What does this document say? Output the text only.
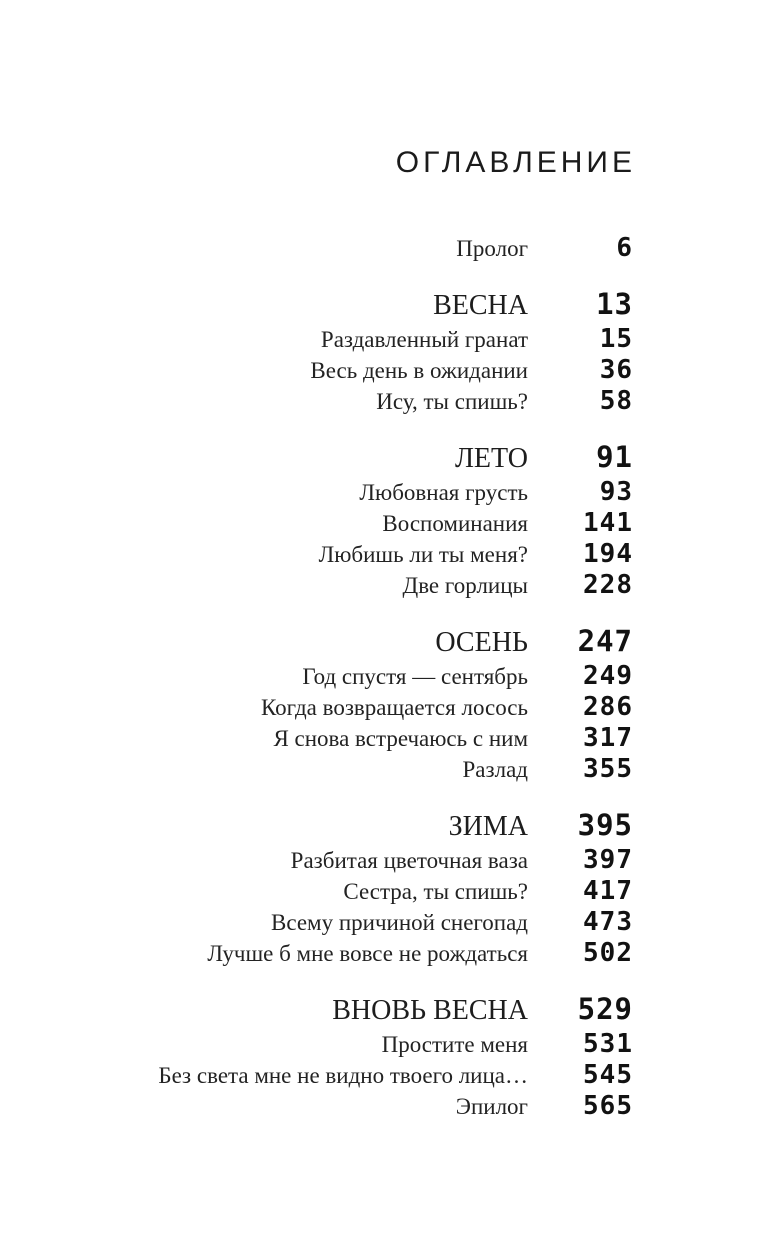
ОГЛАВЛЕНИЕ
Пролог	6
ВЕСНА	13
Раздавленный гранат	15
Весь день в ожидании	36
Ису, ты спишь?	58
ЛЕТО	91
Любовная грусть	93
Воспоминания	141
Любишь ли ты меня?	194
Две горлицы	228
ОСЕНЬ	247
Год спустя — сентябрь	249
Когда возвращается лосось	286
Я снова встречаюсь с ним	317
Разлад	355
ЗИМА	395
Разбитая цветочная ваза	397
Сестра, ты спишь?	417
Всему причиной снегопад	473
Лучше б мне вовсе не рождаться	502
ВНОВЬ ВЕСНА	529
Простите меня	531
Без света мне не видно твоего лица…	545
Эпилог	565
